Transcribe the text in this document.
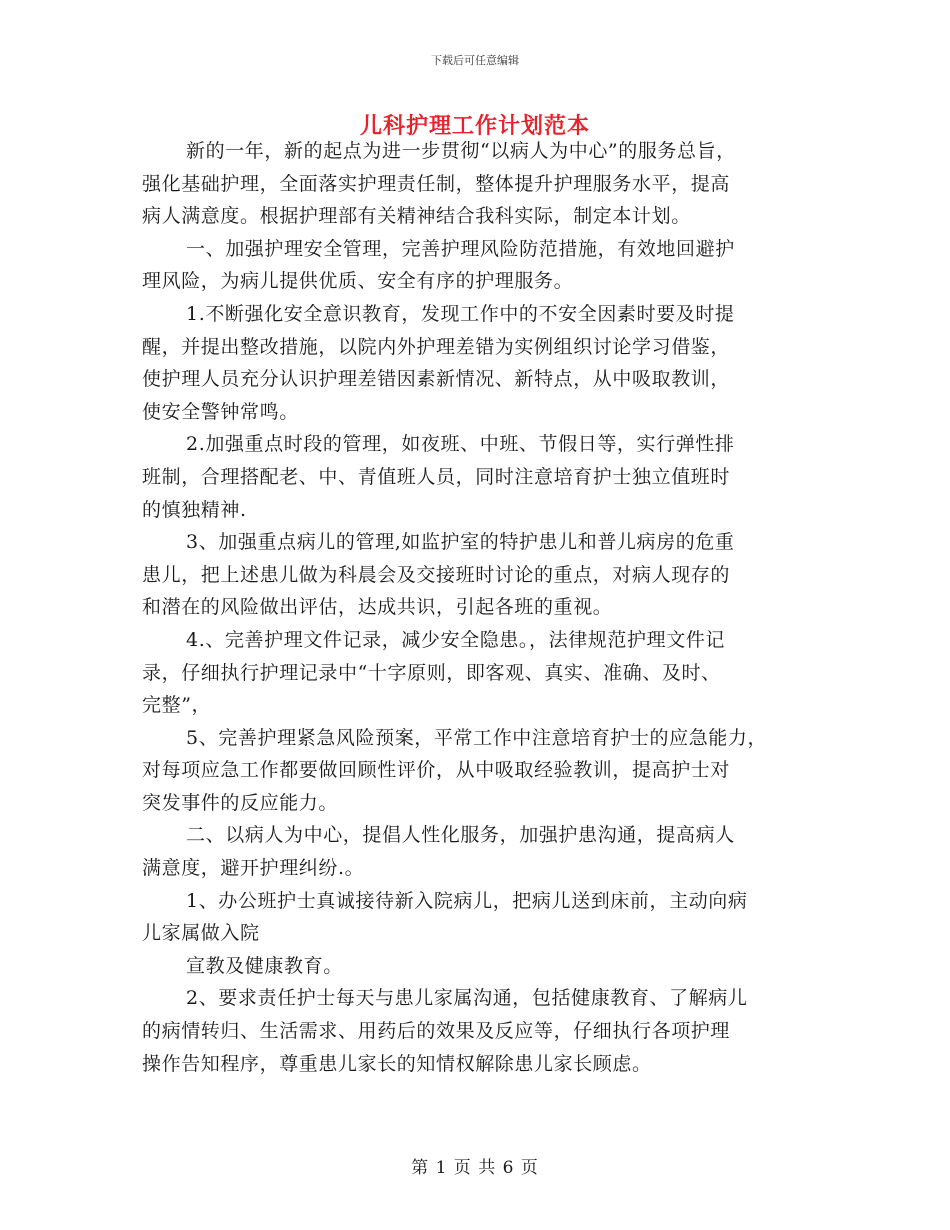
下载后可任意编辑
儿科护理工作计划范本
新的一年，新的起点为进一步贯彻“以病人为中心”的服务总旨，
强化基础护理，全面落实护理责任制，整体提升护理服务水平，提高
病人满意度。根据护理部有关精神结合我科实际，制定本计划。
一、加强护理安全管理，完善护理风险防范措施，有效地回避护
理风险，为病儿提供优质、安全有序的护理服务。
1.不断强化安全意识教育，发现工作中的不安全因素时要及时提
醒，并提出整改措施，以院内外护理差错为实例组织讨论学习借鉴，
使护理人员充分认识护理差错因素新情况、新特点，从中吸取教训，
使安全警钟常鸣。
2.加强重点时段的管理，如夜班、中班、节假日等，实行弹性排
班制，合理搭配老、中、青值班人员，同时注意培育护士独立值班时
的慎独精神.
3、加强重点病儿的管理,如监护室的特护患儿和普儿病房的危重
患儿，把上述患儿做为科晨会及交接班时讨论的重点，对病人现存的
和潜在的风险做出评估，达成共识，引起各班的重视。
4.、完善护理文件记录，减少安全隐患。，法律规范护理文件记
录，仔细执行护理记录中“十字原则，即客观、真实、准确、及时、
完整”，
5、完善护理紧急风险预案，平常工作中注意培育护士的应急能力，
对每项应急工作都要做回顾性评价，从中吸取经验教训，提高护士对
突发事件的反应能力。
二、以病人为中心，提倡人性化服务，加强护患沟通，提高病人
满意度，避开护理纠纷.。
1、办公班护士真诚接待新入院病儿，把病儿送到床前，主动向病
儿家属做入院
宣教及健康教育。
2、要求责任护士每天与患儿家属沟通，包括健康教育、了解病儿
的病情转归、生活需求、用药后的效果及反应等，仔细执行各项护理
操作告知程序，尊重患儿家长的知情权解除患儿家长顾虑。
第 1 页 共 6 页
